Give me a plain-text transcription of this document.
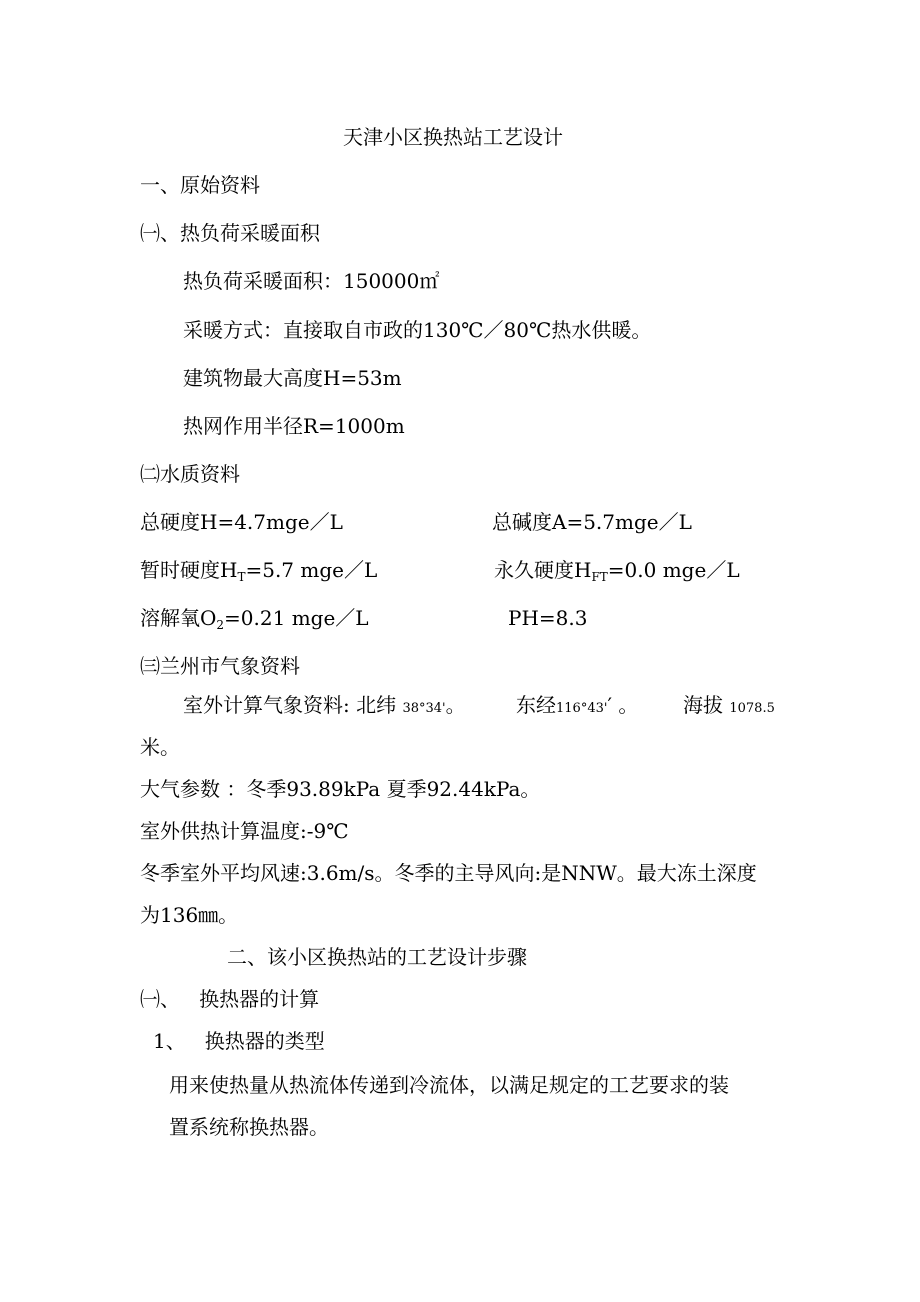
天津小区换热站工艺设计
一、原始资料
㈠、热负荷采暖面积
热负荷采暖面积：150000㎡
采暖方式：直接取自市政的130℃／80℃热水供暖。
建筑物最大高度H=53m
热网作用半径R=1000m
㈡水质资料
总硬度H=4.7mge／L	总碱度A=5.7mge／L
暂时硬度$H_T=5.7$ mge／L	永久硬度$H_{FT}=0.0$ mge／L
溶解氧$O_2=0.21$ mge／L	PH=8.3
㈢兰州市气象资料
室外计算气象资料: 北纬 38°34'。	东经116°43'′ 。 海拔 1078.5
米。
大气参数 ：冬季93.89kPa 夏季92.44kPa。
室外供热计算温度:-9℃
冬季室外平均风速:3.6m/s。冬季的主导风向:是NNW。最大冻土深度
为136㎜。
二、该小区换热站的工艺设计步骤
㈠、   换热器的计算
1、   换热器的类型
用来使热量从热流体传递到冷流体，以满足规定的工艺要求的装
置系统称换热器。
